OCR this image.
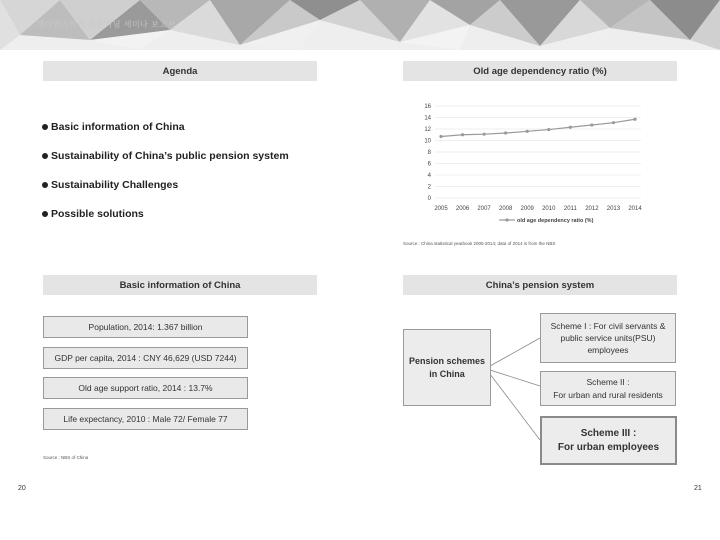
제이앤커리어 오픈기념 세미나 보고서
Agenda
Basic information of China
Sustainability of China’s public pension system
Sustainability Challenges
Possible solutions
Basic information of China
Population, 2014: 1.367 billion
GDP per capita, 2014 : CNY 46,629 (USD 7244)
Old age support ratio, 2014 : 13.7%
Life expectancy, 2010 : Male 72/ Female 77
Source : NBS of China
20
Old age dependency ratio (%)
0
2
4
6
8
10
12
14
16
2005 2006 2007 2008 2009 2010 2011 2012 2013 2014
old age dependency ratio (%)
Source : China statistical yearbook 2005-2014; data of 2014 is from the NBS
China’s pension system
Pension schemes
in China
Scheme I : For civil servants &
public service units(PSU)
employees
Scheme II :
For urban and rural residents
Scheme III :
For urban employees
21
